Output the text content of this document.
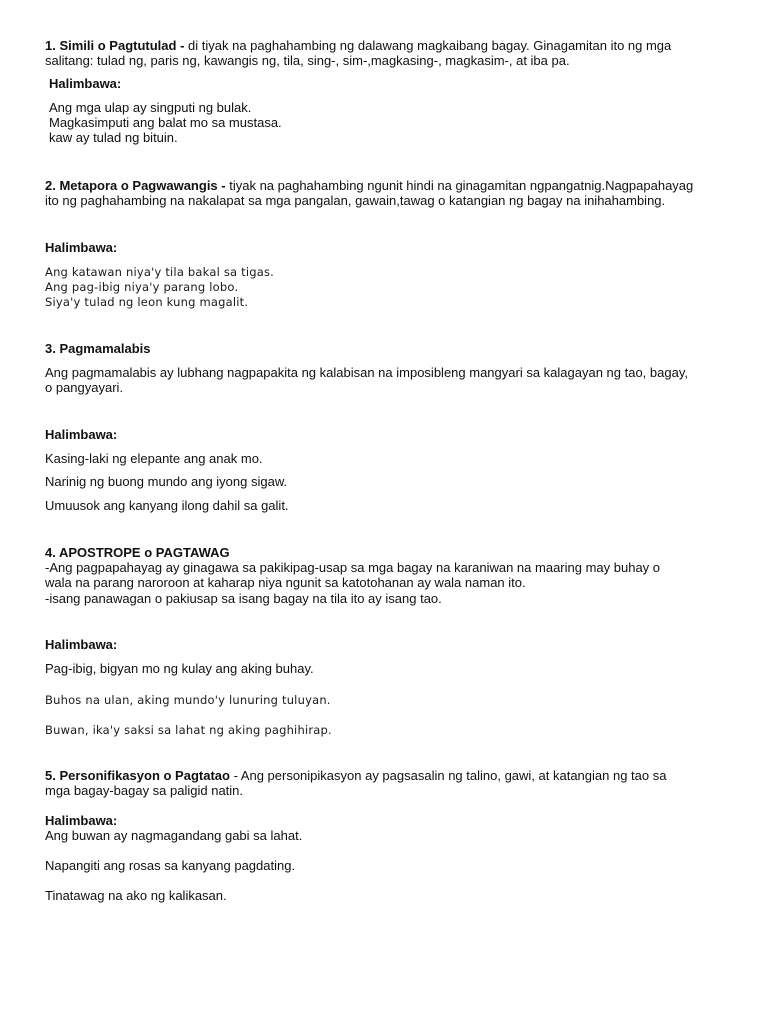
1. Simili o Pagtutulad - di tiyak na paghahambing ng dalawang magkaibang bagay. Ginagamitan ito ng mga
salitang: tulad ng, paris ng, kawangis ng, tila, sing-, sim-,magkasing-, magkasim-, at iba pa.
Halimbawa:
Ang mga ulap ay singputi ng bulak.
Magkasimputi ang balat mo sa mustasa.
kaw ay tulad ng bituin.
2. Metapora o Pagwawangis - tiyak na paghahambing ngunit hindi na ginagamitan ngpangatnig.Nagpapahayag
ito ng paghahambing na nakalapat sa mga pangalan, gawain,tawag o katangian ng bagay na inihahambing.
Halimbawa:
Ang katawan niya'y tila bakal sa tigas.
Ang pag-ibig niya'y parang lobo.
Siya'y tulad ng leon kung magalit.
3. Pagmamalabis
Ang pagmamalabis ay lubhang nagpapakita ng kalabisan na imposibleng mangyari sa kalagayan ng tao, bagay,
o pangyayari.
Halimbawa:
Kasing-laki ng elepante ang anak mo.
Narinig ng buong mundo ang iyong sigaw.
Umuusok ang kanyang ilong dahil sa galit.
4. APOSTROPE o PAGTAWAG
-Ang pagpapahayag ay ginagawa sa pakikipag-usap sa mga bagay na karaniwan na maaring may buhay o
wala na parang naroroon at kaharap niya ngunit sa katotohanan ay wala naman ito.
-isang panawagan o pakiusap sa isang bagay na tila ito ay isang tao.
Halimbawa:
Pag-ibig, bigyan mo ng kulay ang aking buhay.
Buhos na ulan, aking mundo'y lunuring tuluyan.
Buwan, ika'y saksi sa lahat ng aking paghihirap.
5. Personifikasyon o Pagtatao - Ang personipikasyon ay pagsasalin ng talino, gawi, at katangian ng tao sa
mga bagay-bagay sa paligid natin.
Halimbawa:
Ang buwan ay nagmagandang gabi sa lahat.
Napangiti ang rosas sa kanyang pagdating.
Tinatawag na ako ng kalikasan.
